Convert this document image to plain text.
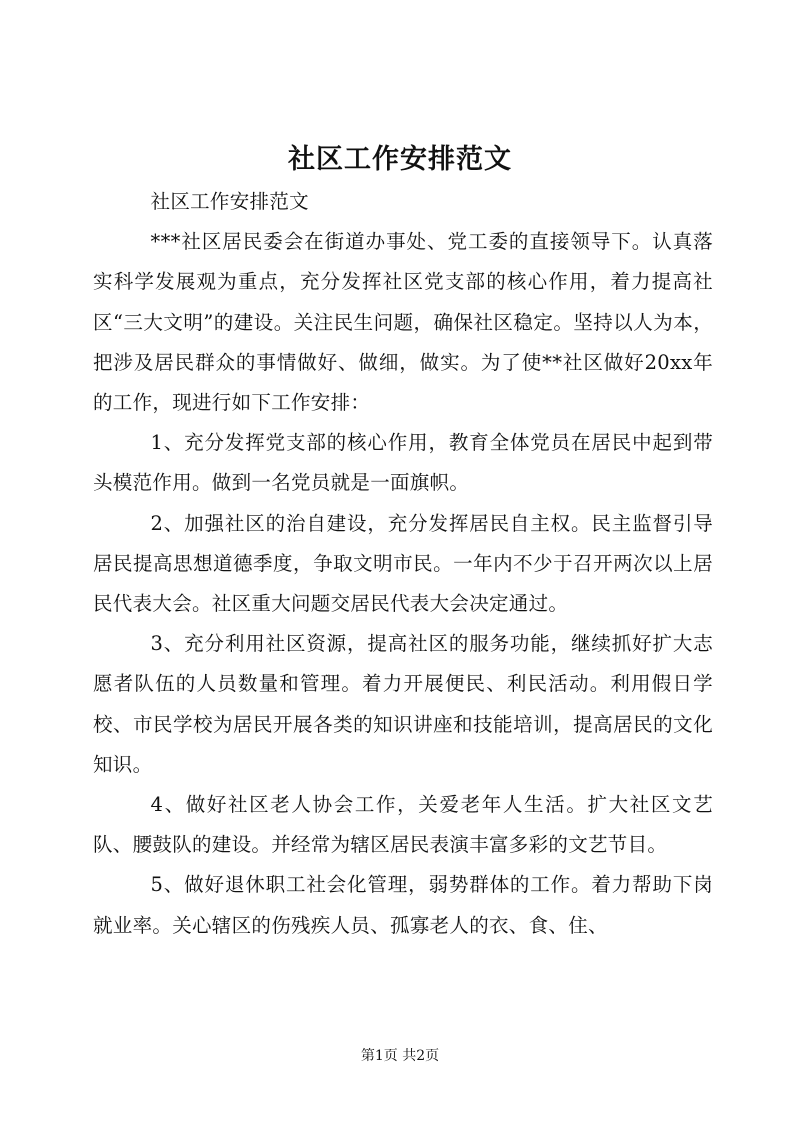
社区工作安排范文

社区工作安排范文

***社区居民委会在街道办事处、党工委的直接领导下。认真落实科学发展观为重点，充分发挥社区党支部的核心作用，着力提高社区“三大文明”的建设。关注民生问题，确保社区稳定。坚持以人为本，把涉及居民群众的事情做好、做细，做实。为了使**社区做好20xx年的工作，现进行如下工作安排：

1、充分发挥党支部的核心作用，教育全体党员在居民中起到带头模范作用。做到一名党员就是一面旗帜。

2、加强社区的治自建设，充分发挥居民自主权。民主监督引导居民提高思想道德季度，争取文明市民。一年内不少于召开两次以上居民代表大会。社区重大问题交居民代表大会决定通过。

3、充分利用社区资源，提高社区的服务功能，继续抓好扩大志愿者队伍的人员数量和管理。着力开展便民、利民活动。利用假日学校、市民学校为居民开展各类的知识讲座和技能培训，提高居民的文化知识。

4、做好社区老人协会工作，关爱老年人生活。扩大社区文艺队、腰鼓队的建设。并经常为辖区居民表演丰富多彩的文艺节目。

5、做好退休职工社会化管理，弱势群体的工作。着力帮助下岗就业率。关心辖区的伤残疾人员、孤寡老人的衣、食、住、

第1页 共2页
